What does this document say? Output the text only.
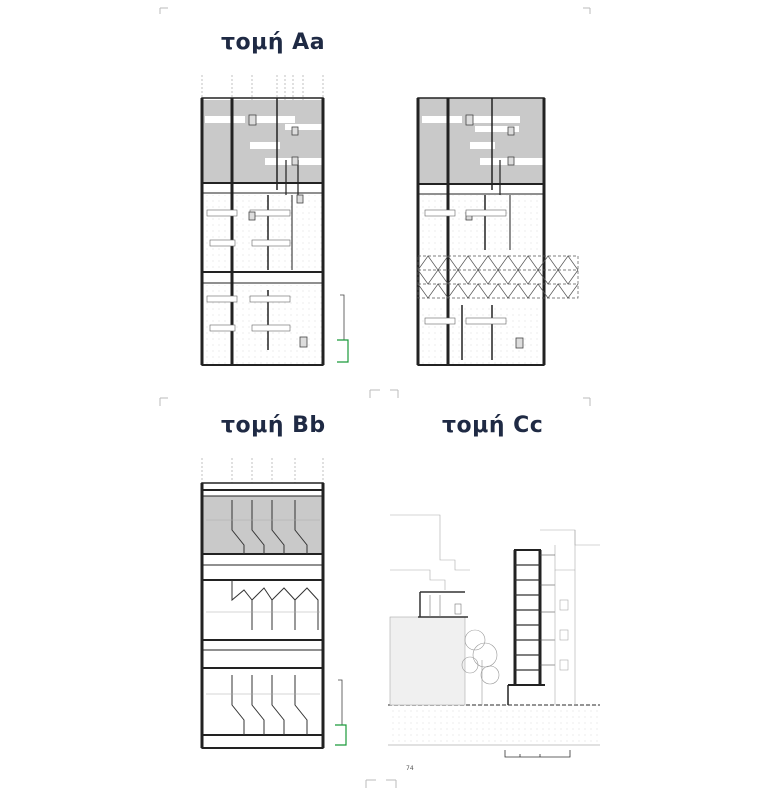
τομή Aa
τομή Bb	τομή Cc
74
